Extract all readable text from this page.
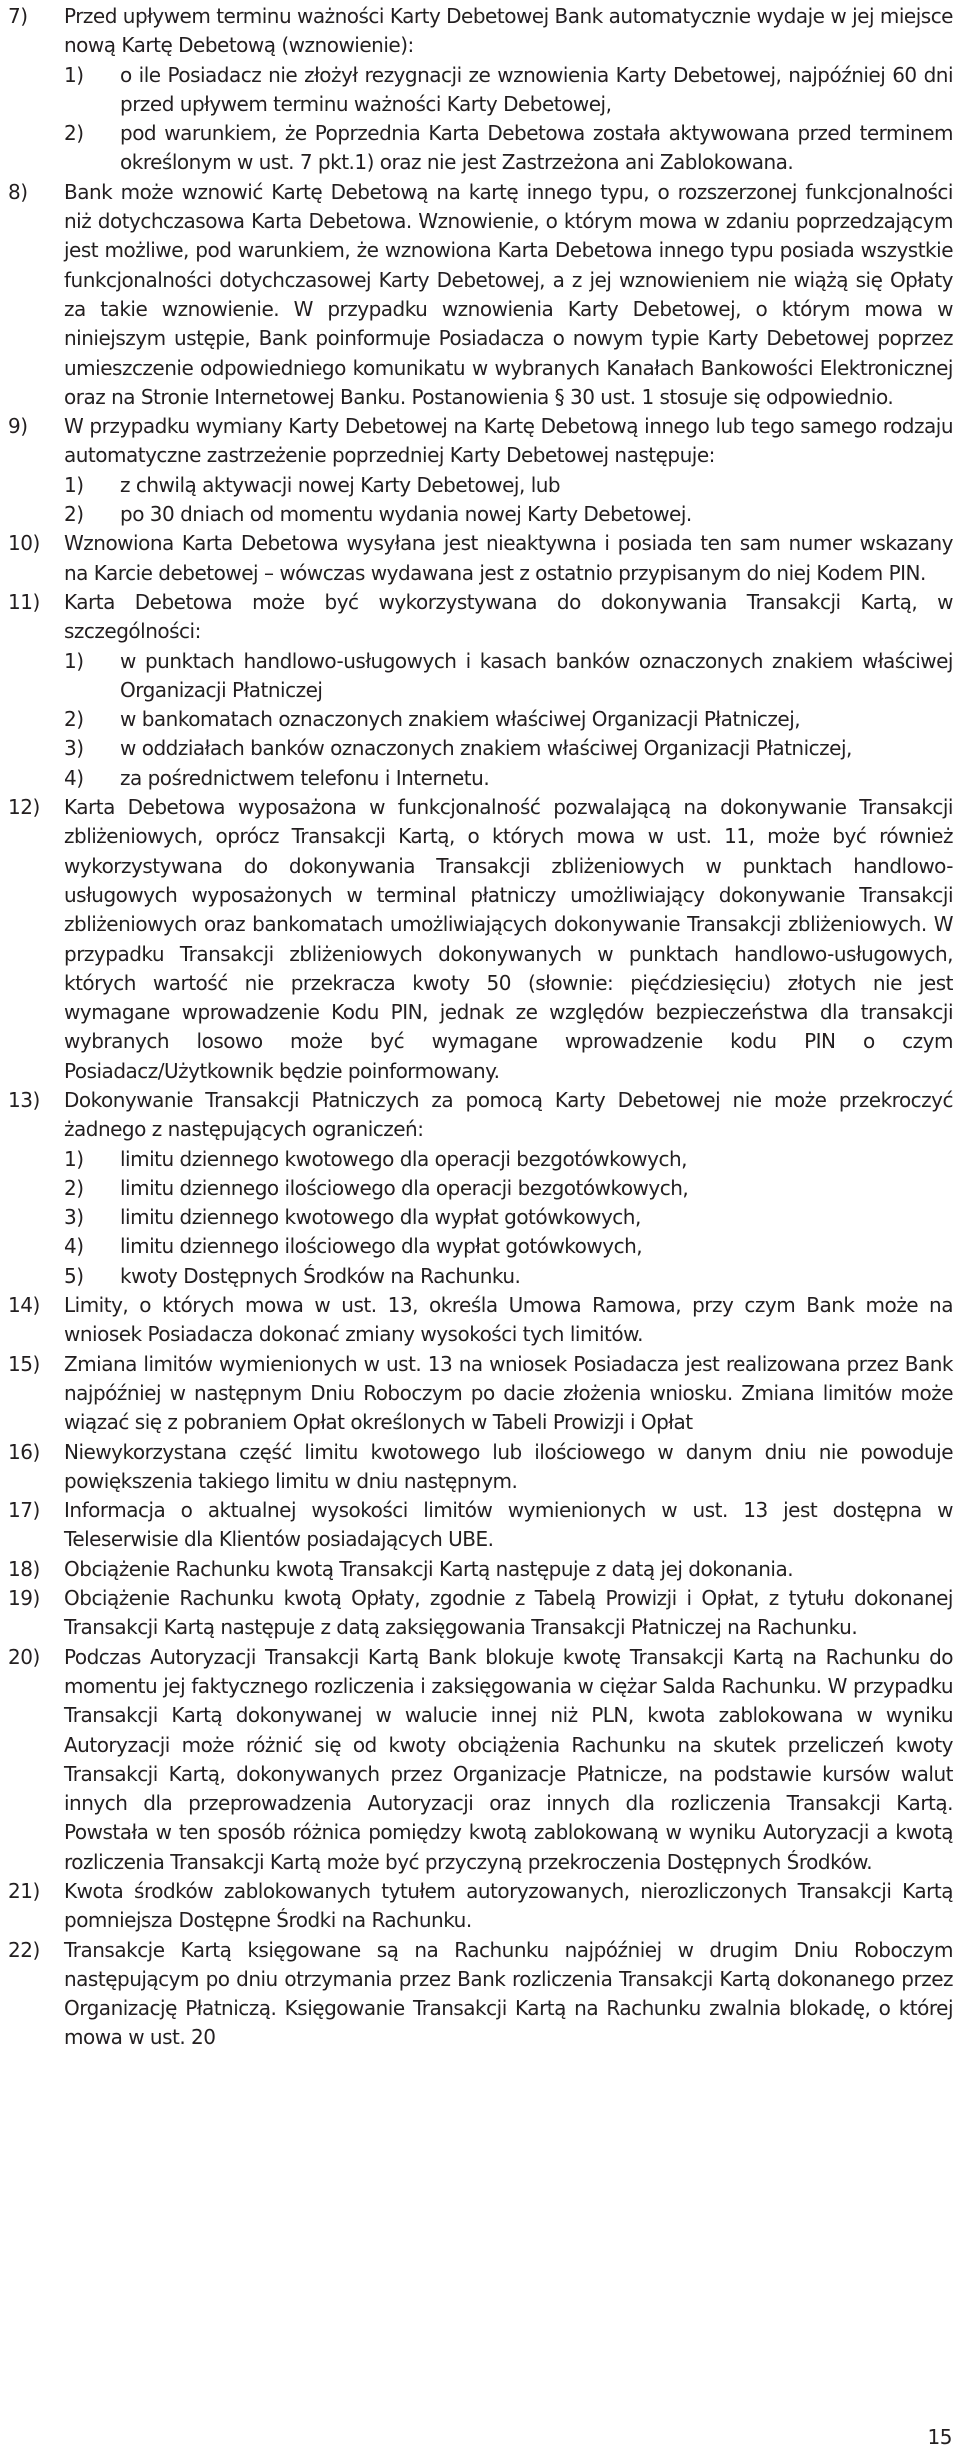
7)	Przed upływem terminu ważności Karty Debetowej Bank automatycznie wydaje w jej miejsce nową Kartę Debetową (wznowienie):
1)	o ile Posiadacz nie złożył rezygnacji ze wznowienia Karty Debetowej, najpóźniej 60 dni przed upływem terminu ważności Karty Debetowej,
2)	pod warunkiem, że Poprzednia Karta Debetowa została aktywowana przed terminem określonym w ust. 7 pkt.1) oraz nie jest Zastrzeżona ani Zablokowana.
8)	Bank może wznowić Kartę Debetową na kartę innego typu, o rozszerzonej funkcjonalności niż dotychczasowa Karta Debetowa. Wznowienie, o którym mowa w zdaniu poprzedzającym jest możliwe, pod warunkiem, że wznowiona Karta Debetowa innego typu posiada wszystkie funkcjonalności dotychczasowej Karty Debetowej, a z jej wznowieniem nie wiążą się Opłaty za takie wznowienie. W przypadku wznowienia Karty Debetowej, o którym mowa w niniejszym ustępie, Bank poinformuje Posiadacza o nowym typie Karty Debetowej poprzez umieszczenie odpowiedniego komunikatu w wybranych Kanałach Bankowości Elektronicznej oraz na Stronie Internetowej Banku. Postanowienia § 30 ust. 1 stosuje się odpowiednio.
9)	W przypadku wymiany Karty Debetowej na Kartę Debetową innego lub tego samego rodzaju automatyczne zastrzeżenie poprzedniej Karty Debetowej następuje:
1)	z chwilą aktywacji nowej Karty Debetowej, lub
2)	po 30 dniach od momentu wydania nowej Karty Debetowej.
10)	Wznowiona Karta Debetowa wysyłana jest nieaktywna i posiada ten sam numer wskazany na Karcie debetowej – wówczas wydawana jest z ostatnio przypisanym do niej Kodem PIN.
11)	Karta Debetowa może być wykorzystywana do dokonywania Transakcji Kartą, w szczególności:
1)	w punktach handlowo-usługowych i kasach banków oznaczonych znakiem właściwej Organizacji Płatniczej
2)	w bankomatach oznaczonych znakiem właściwej Organizacji Płatniczej,
3)	w oddziałach banków oznaczonych znakiem właściwej Organizacji Płatniczej,
4)	za pośrednictwem telefonu i Internetu.
12)	Karta Debetowa wyposażona w funkcjonalność pozwalającą na dokonywanie Transakcji zbliżeniowych, oprócz Transakcji Kartą, o których mowa w ust. 11, może być również wykorzystywana do dokonywania Transakcji zbliżeniowych w punktach handlowo-usługowych wyposażonych w terminal płatniczy umożliwiający dokonywanie Transakcji zbliżeniowych oraz bankomatach umożliwiających dokonywanie Transakcji zbliżeniowych. W przypadku Transakcji zbliżeniowych dokonywanych w punktach handlowo-usługowych, których wartość nie przekracza kwoty 50 (słownie: pięćdziesięciu) złotych nie jest wymagane wprowadzenie Kodu PIN, jednak ze względów bezpieczeństwa dla transakcji wybranych losowo może być wymagane wprowadzenie kodu PIN o czym Posiadacz/Użytkownik będzie poinformowany.
13)	Dokonywanie Transakcji Płatniczych za pomocą Karty Debetowej nie może przekroczyć żadnego z następujących ograniczeń:
1)	limitu dziennego kwotowego dla operacji bezgotówkowych,
2)	limitu dziennego ilościowego dla operacji bezgotówkowych,
3)	limitu dziennego kwotowego dla wypłat gotówkowych,
4)	limitu dziennego ilościowego dla wypłat gotówkowych,
5)	kwoty Dostępnych Środków na Rachunku.
14)	Limity, o których mowa w ust. 13, określa Umowa Ramowa, przy czym Bank może na wniosek Posiadacza dokonać zmiany wysokości tych limitów.
15)	Zmiana limitów wymienionych w ust. 13 na wniosek Posiadacza jest realizowana przez Bank najpóźniej w następnym Dniu Roboczym po dacie złożenia wniosku. Zmiana limitów może wiązać się z pobraniem Opłat określonych w Tabeli Prowizji i Opłat
16)	Niewykorzystana część limitu kwotowego lub ilościowego w danym dniu nie powoduje powiększenia takiego limitu w dniu następnym.
17)	Informacja o aktualnej wysokości limitów wymienionych w ust. 13 jest dostępna w Teleserwisie dla Klientów posiadających UBE.
18)	Obciążenie Rachunku kwotą Transakcji Kartą następuje z datą jej dokonania.
19)	Obciążenie Rachunku kwotą Opłaty, zgodnie z Tabelą Prowizji i Opłat, z tytułu dokonanej Transakcji Kartą następuje z datą zaksięgowania Transakcji Płatniczej na Rachunku.
20)	Podczas Autoryzacji Transakcji Kartą Bank blokuje kwotę Transakcji Kartą na Rachunku do momentu jej faktycznego rozliczenia i zaksięgowania w ciężar Salda Rachunku. W przypadku Transakcji Kartą dokonywanej w walucie innej niż PLN, kwota zablokowana w wyniku Autoryzacji może różnić się od kwoty obciążenia Rachunku na skutek przeliczeń kwoty Transakcji Kartą, dokonywanych przez Organizacje Płatnicze, na podstawie kursów walut innych dla przeprowadzenia Autoryzacji oraz innych dla rozliczenia Transakcji Kartą. Powstała w ten sposób różnica pomiędzy kwotą zablokowaną w wyniku Autoryzacji a kwotą rozliczenia Transakcji Kartą może być przyczyną przekroczenia Dostępnych Środków.
21)	Kwota środków zablokowanych tytułem autoryzowanych, nierozliczonych Transakcji Kartą pomniejsza Dostępne Środki na Rachunku.
22)	Transakcje Kartą księgowane są na Rachunku najpóźniej w drugim Dniu Roboczym następującym po dniu otrzymania przez Bank rozliczenia Transakcji Kartą dokonanego przez Organizację Płatniczą. Księgowanie Transakcji Kartą na Rachunku zwalnia blokadę, o której mowa w ust. 20
15
